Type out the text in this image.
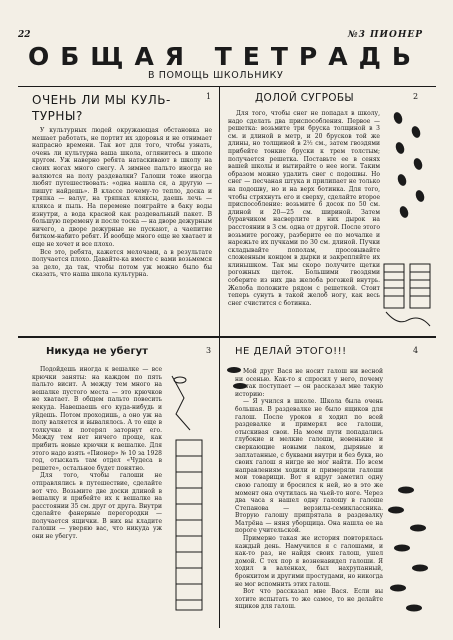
22	№3 ПИОНЕР
ОБЩАЯ ТЕТРАДЬ
В ПОМОЩЬ ШКОЛЬНИКУ
1
ОЧЕНЬ ЛИ МЫ КУЛЬ-ТУРНЫ?

У культурных людей окружающая обстановка не мешает работать, не портит их здоровья и не отнимает напрасно времени. Так вот для того, чтобы узнать, очень ли культурна ваша школа, оглянитесь в школе кругом. Уж наверно ребята натаскивают в школу на своих ногах много снегу. А зимнее пальто иногда не валяются на полу раздевалки? Галоши тоже иногда любят путешествовать: «одна нашла ся, а другую — пишут найдешь». В классе почему-то тепло, доска и тряпка — валуг, на тряпках кляксы, даешь лечь — клякса и пыль. На перемене поиграйте в баку воды изнутри, а вода красной как раздевальный пакет. В большую перемену и после тоска — на дворе дежурным ничего, а дворе дежурные не пускают, а чаепитие битком-набито ребят. И вообще много еще не хватает и еще не хочет и все плохо.

Все это, ребята, кажется мелочами, а в результате получается плохо. Давайте-ка вместе с вами возьмемся за дело, да так, чтобы потом уж можно было бы сказать, что наша школа культурна.

2
ДОЛОЙ СУГРОБЫ

Для того, чтобы снег не попадал в школу, надо сделать два приспособления. Первое — решетка: возьмите три бруска толщиной в 3 см. и длиной в метр, и 20 брусков той же длины, но толщиной в 2½ см., затем гвоздями прибейте тонкие бруски к трем толстым; получается решетка. Поставьте ее в сенях вашей школы и вытирайте о нее ноги. Таким образом можно удалить снег с подошвы. Но снег — песчаная штука и прилипает не только на подошву, но и на верх ботинка. Для того, чтобы стряхнуть его и сверху, сделайте второе приспособление: возьмите 6 досок по 50 см. длиной и 20—25 см. шириной. Затем буравчиком насверлите в них дырок на расстоянии в 3 см. одна от другой. После этого возьмите рогожу, разберите ее по мочалке и нарежьте их пучками по 30 см. длиной. Пучки складывайте пополам, просовывайте сложенным концом в дырки и закрепляйте их клинышком. Так мы скоро получите щетки рогожных щеток. Большими гвоздями соберите из них два желоба рогожей внутрь. Желоба положите рядом с решеткой. Стоит теперь сунуть в такой желоб ногу, как весь снег счистится с ботинка.

3
Никуда не убегут

Подойдешь иногда к вешалке — все крючки заняты: на каждом по пять пальто висит. А между тем много на вешалке пустого места — это крючков не хватает. В общем пальто повесить некуда. Навешаешь его куда-нибудь и уйдешь. Потом проходишь, а оно уж на полу валяется и вывалялось. А то еще в толкучке и потерял заторнут его. Между тем нет ничего проще, как прибить новые крючки к вешалке. Для этого надо взять «Пионер» № 10 за 1928 год, отыскать там отдел «Чудеса в решете», остальное будет понятно.

Для того, чтобы галоши не отправлялись в путешествие, сделайте вот что. Возьмите две доски длиной в вешалку и прибейте их к вешалке на расстоянии 35 см. друг от друга. Внутри сделайте фанерные перегородки — получается ящички. В них вы кладите галоши — уверяю вас, что никуда уж они не убегут.

4
НЕ ДЕЛАЙ ЭТОГО!!!

Мой друг Вася не носит галош ни весной ни осенью. Как-то я спросил у него, почему он так поступает — он рассказал мне такую историю:

— Я учился в школе. Школа была очень большая. В раздевалке не было ящиков для галош. После уроков я ходил по всей раздевалке и примерял все галоши, отыскивая свои. На моем пути попадались глубокие и мелкие галоши, новенькие и сверкающие новыми лаком, дырявые и заплатанные, с буквами внутри и без букв, но своих галош я нигде не мог найти. По всем направлениям ходили и примеряли галоши мои товарищи. Вот я вдруг заметил одну свою галошу и бросился к ней, но в это же момент она очутилась на чьей-то ноге. Через два часа я нашел одну галошу в галоше Степанова — верзилы-семиклассника. Вторую галошу припрятала в раздевалку Матрёна — няня уборщица. Она нашла ее на пороге учительской.

Примерно такая же история повторялась каждый день. Намучился я с галошами, и как-то раз, не найдя своих галош, ушел домой. С тех пор я возненавидел галоши. Я ходил в валенках, был нахрупанный, бронхитом и другими простудами, но никогда не мог вспомнить этих галош.

Вот что рассказал мне Вася. Если вы хотите испытать то же самое, то не делайте ящиков для галош.
